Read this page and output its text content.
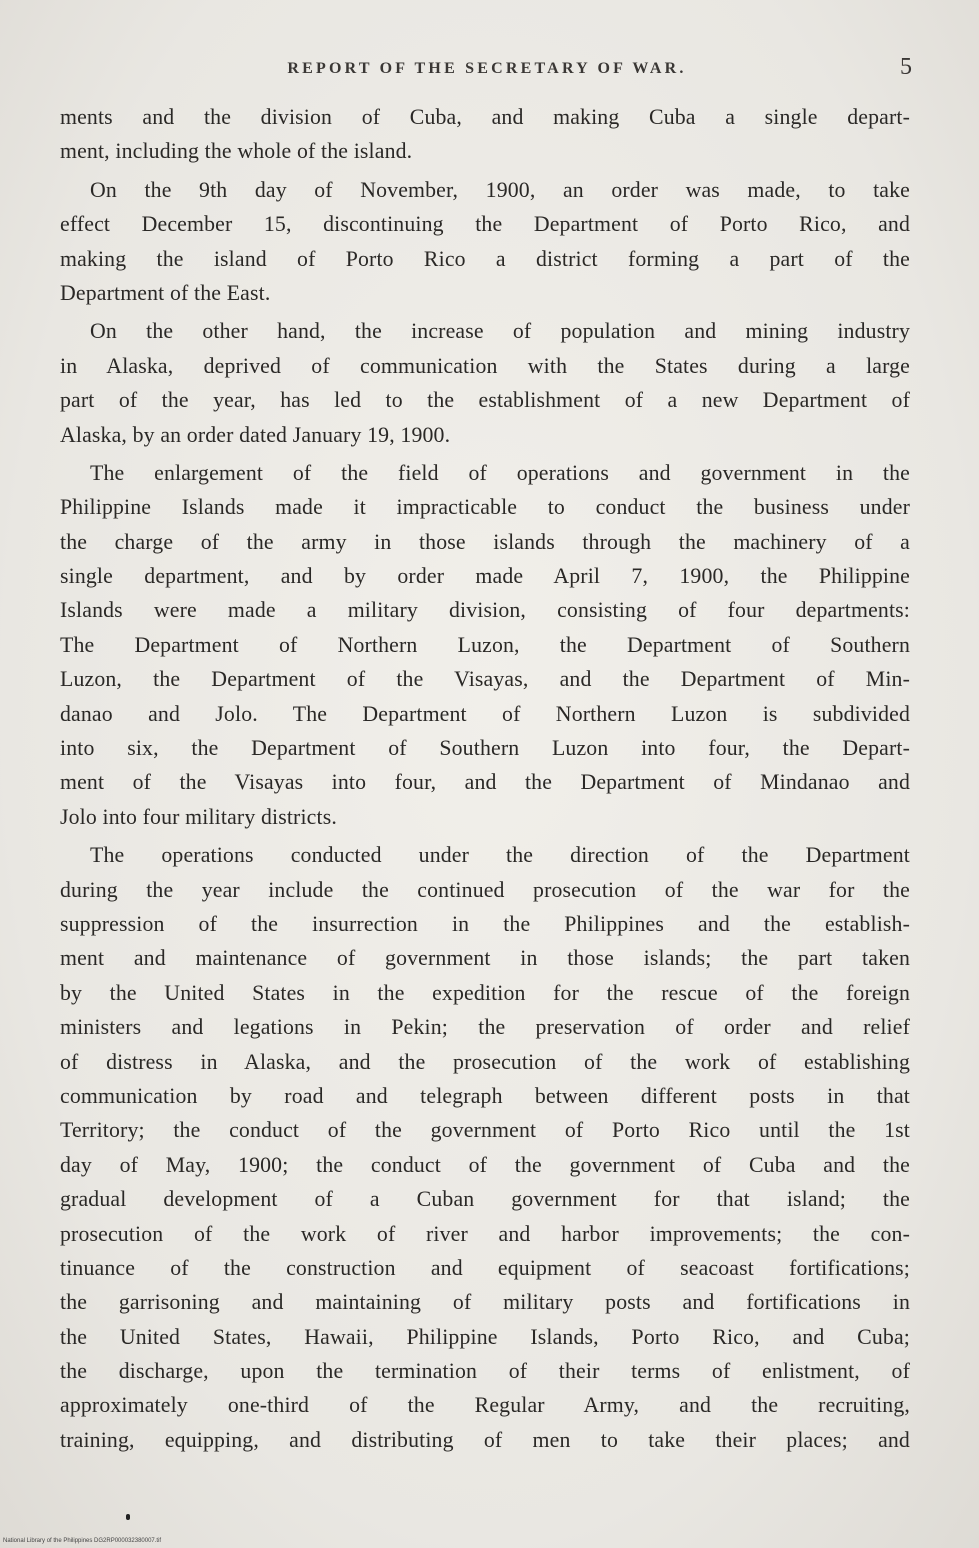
REPORT OF THE SECRETARY OF WAR.	5
ments and the division of Cuba, and making Cuba a single depart-
ment, including the whole of the island.
On the 9th day of November, 1900, an order was made, to take
effect December 15, discontinuing the Department of Porto Rico, and
making the island of Porto Rico a district forming a part of the
Department of the East.
On the other hand, the increase of population and mining industry
in Alaska, deprived of communication with the States during a large
part of the year, has led to the establishment of a new Department of
Alaska, by an order dated January 19, 1900.
The enlargement of the field of operations and government in the
Philippine Islands made it impracticable to conduct the business under
the charge of the army in those islands through the machinery of a
single department, and by order made April 7, 1900, the Philippine
Islands were made a military division, consisting of four departments:
The Department of Northern Luzon, the Department of Southern
Luzon, the Department of the Visayas, and the Department of Min-
danao and Jolo. The Department of Northern Luzon is subdivided
into six, the Department of Southern Luzon into four, the Depart-
ment of the Visayas into four, and the Department of Mindanao and
Jolo into four military districts.
The operations conducted under the direction of the Department
during the year include the continued prosecution of the war for the
suppression of the insurrection in the Philippines and the establish-
ment and maintenance of government in those islands; the part taken
by the United States in the expedition for the rescue of the foreign
ministers and legations in Pekin; the preservation of order and relief
of distress in Alaska, and the prosecution of the work of establishing
communication by road and telegraph between different posts in that
Territory; the conduct of the government of Porto Rico until the 1st
day of May, 1900; the conduct of the government of Cuba and the
gradual development of a Cuban government for that island; the
prosecution of the work of river and harbor improvements; the con-
tinuance of the construction and equipment of seacoast fortifications;
the garrisoning and maintaining of military posts and fortifications in
the United States, Hawaii, Philippine Islands, Porto Rico, and Cuba;
the discharge, upon the termination of their terms of enlistment, of
approximately one-third of the Regular Army, and the recruiting,
training, equipping, and distributing of men to take their places; and
National Library of the Philippines DG2RP000032380007.tif
